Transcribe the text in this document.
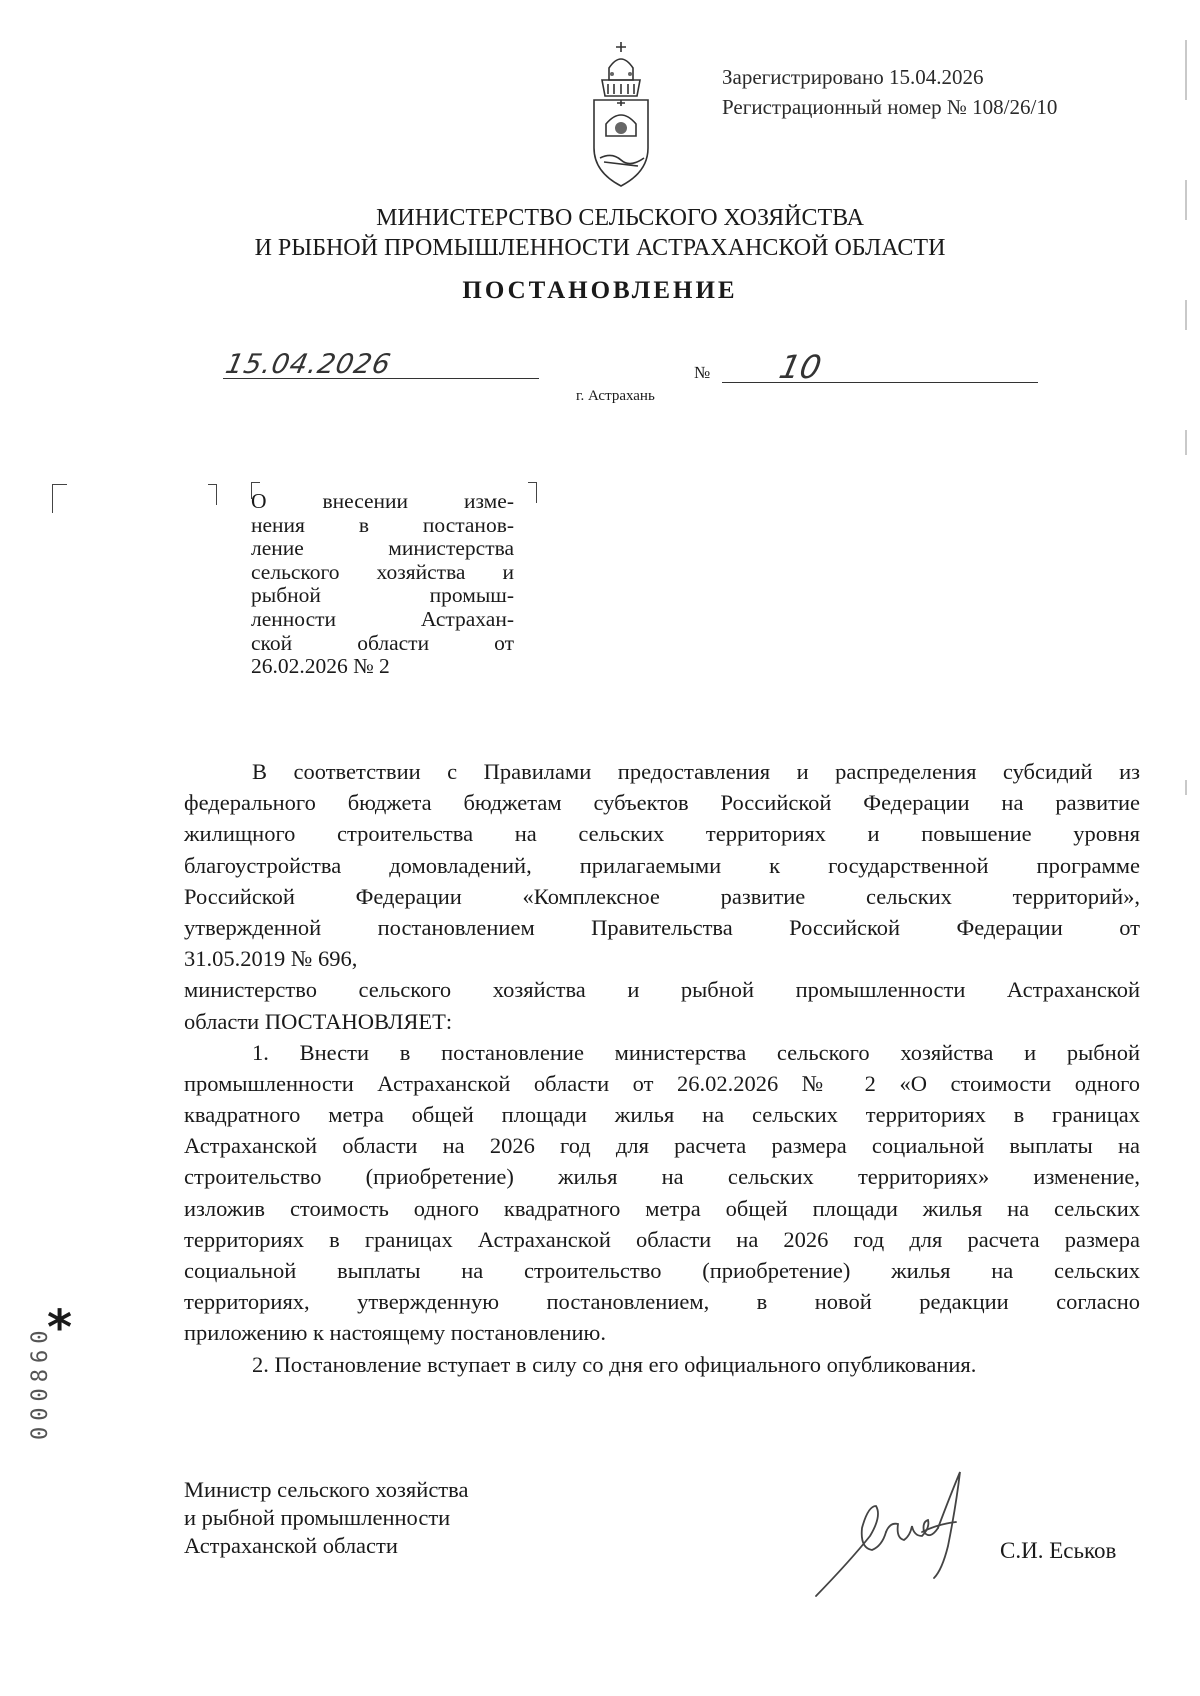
Зарегистрировано 15.04.2026
Регистрационный номер № 108/26/10
МИНИСТЕРСТВО СЕЛЬСКОГО ХОЗЯЙСТВА
И РЫБНОЙ ПРОМЫШЛЕННОСТИ АСТРАХАНСКОЙ ОБЛАСТИ
ПОСТАНОВЛЕНИЕ
15.04.2026	№ 10
г. Астрахань
О внесении изме-
нения в постанов-
ление министерства
сельского хозяйства и
рыбной промыш-
ленности Астрахан-
ской области от
26.02.2026 № 2
В соответствии с Правилами предоставления и распределения субсидий из
федерального бюджета бюджетам субъектов Российской Федерации на развитие
жилищного строительства на сельских территориях и повышение уровня
благоустройства домовладений, прилагаемыми к государственной программе
Российской Федерации «Комплексное развитие сельских территорий»,
утвержденной постановлением Правительства Российской Федерации от
31.05.2019 № 696,
министерство сельского хозяйства и рыбной промышленности Астраханской
области ПОСТАНОВЛЯЕТ:
1. Внести в постановление министерства сельского хозяйства и рыбной
промышленности Астраханской области от 26.02.2026 № 2 «О стоимости одного
квадратного метра общей площади жилья на сельских территориях в границах
Астраханской области на 2026 год для расчета размера социальной выплаты на
строительство (приобретение) жилья на сельских территориях» изменение,
изложив стоимость одного квадратного метра общей площади жилья на сельских
территориях в границах Астраханской области на 2026 год для расчета размера
социальной выплаты на строительство (приобретение) жилья на сельских
территориях, утвержденную постановлением, в новой редакции согласно
приложению к настоящему постановлению.
2. Постановление вступает в силу со дня его официального опубликования.
*
000860
Министр сельского хозяйства
и рыбной промышленности
Астраханской области	С.И. Еськов
